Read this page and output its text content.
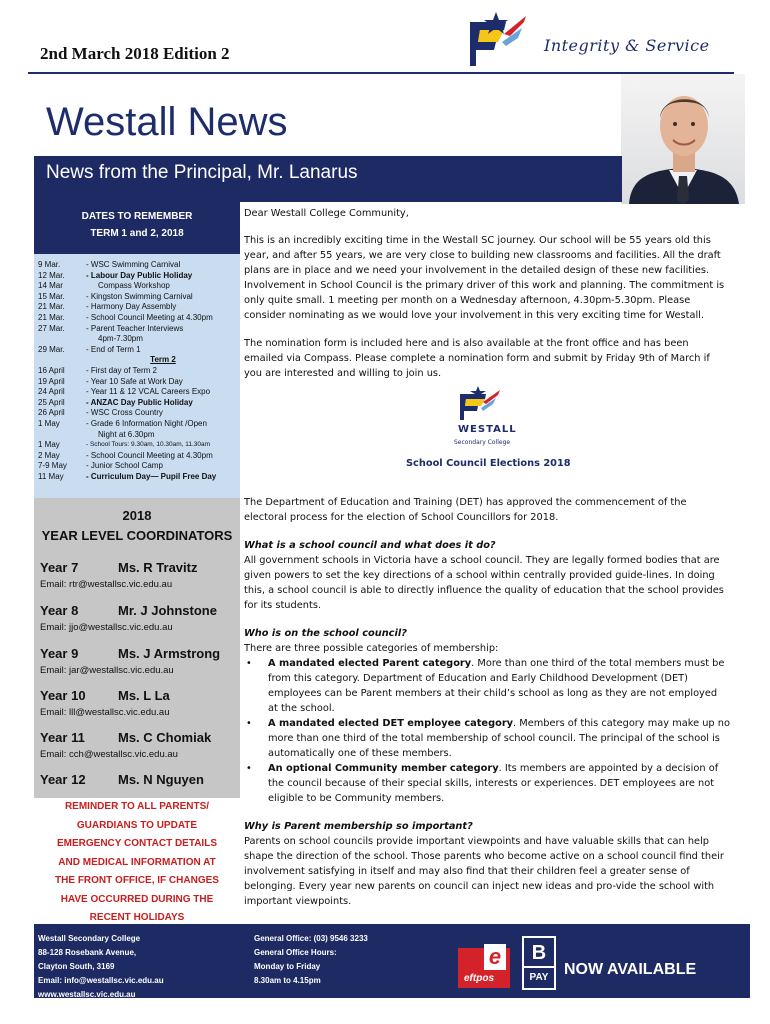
2nd March 2018 Edition 2	Integrity & Service
Westall News
News from the Principal, Mr. Lanarus
DATES TO REMEMBER
TERM 1 and 2, 2018
9 Mar.	- WSC Swimming Carnival
12 Mar.	- Labour Day Public Holiday
14 Mar	Compass Workshop
15 Mar.	- Kingston Swimming Carnival
21 Mar.	- Harmony Day Assembly
21 Mar.	- School Council Meeting at 4.30pm
27 Mar.	- Parent Teacher Interviews
4pm-7.30pm
29 Mar.	- End of Term 1
Term 2
16 April	- First day of Term 2
19 April	- Year 10 Safe at Work Day
24 April	- Year 11 & 12 VCAL Careers Expo
25 April	- ANZAC Day Public Holiday
26 April	- WSC Cross Country
1 May	- Grade 6 Information Night /Open
Night at 6.30pm
1 May	- School Tours: 9.30am, 10.30am, 11.30am
2 May	- School Council Meeting at 4.30pm
7-9 May	- Junior School Camp
11 May	- Curriculum Day— Pupil Free Day
2018
YEAR LEVEL COORDINATORS
Year 7	Ms. R Travitz
Email: rtr@westallsc.vic.edu.au
Year 8	Mr. J Johnstone
Email: jjo@westallsc.vic.edu.au
Year 9	Ms. J Armstrong
Email: jar@westallsc.vic.edu.au
Year 10 Ms. L La
Email: lll@westallsc.vic.edu.au
Year 11	Ms. C Chomiak
Email: cch@westallsc.vic.edu.au
Year 12 Ms. N Nguyen
REMINDER TO ALL PARENTS/
GUARDIANS TO UPDATE
EMERGENCY CONTACT DETAILS
AND MEDICAL INFORMATION AT
THE FRONT OFFICE, IF CHANGES
HAVE OCCURRED DURING THE
RECENT HOLIDAYS
Dear Westall College Community,
This is an incredibly exciting time in the Westall SC journey. Our school will be 55 years old this year, and after 55 years, we are very close to building new classrooms and facilities. All the draft plans are in place and we need your involvement in the detailed design of these new facilities. Involvement in School Council is the primary driver of this work and planning. The commitment is only quite small. 1 meeting per month on a Wednesday afternoon, 4.30pm-5.30pm. Please consider nominating as we would love your involvement in this very exciting time for Westall.
The nomination form is included here and is also available at the front office and has been emailed via Compass. Please complete a nomination form and submit by Friday 9th of March if you are interested and willing to join us.
WESTALL
Secondary College
School Council Elections 2018
The Department of Education and Training (DET) has approved the commencement of the electoral process for the election of School Councillors for 2018.
What is a school council and what does it do?
All government schools in Victoria have a school council. They are legally formed bodies that are given powers to set the key directions of a school within centrally provided guide-lines. In doing this, a school council is able to directly influence the quality of education that the school provides for its students.
Who is on the school council?
There are three possible categories of membership:
• A mandated elected Parent category. More than one third of the total members must be from this category. Department of Education and Early Childhood Development (DET) employees can be Parent members at their child’s school as long as they are not employed at the school.
• A mandated elected DET employee category. Members of this category may make up no more than one third of the total membership of school council. The principal of the school is automatically one of these members.
• An optional Community member category. Its members are appointed by a decision of the council because of their special skills, interests or experiences. DET employees are not eligible to be Community members.
Why is Parent membership so important?
Parents on school councils provide important viewpoints and have valuable skills that can help shape the direction of the school. Those parents who become active on a school council find their involvement satisfying in itself and may also find that their children feel a greater sense of belonging. Every year new parents on council can inject new ideas and pro-vide the school with important viewpoints.
Westall Secondary College
88-128 Rosebank Avenue,
Clayton South, 3169
Email: info@westallsc.vic.edu.au
www.westallsc.vic.edu.au
General Office: (03) 9546 3233
General Office Hours:
Monday to Friday
8.30am to 4.15pm
e
eftpos
B
PAY NOW AVAILABLE
